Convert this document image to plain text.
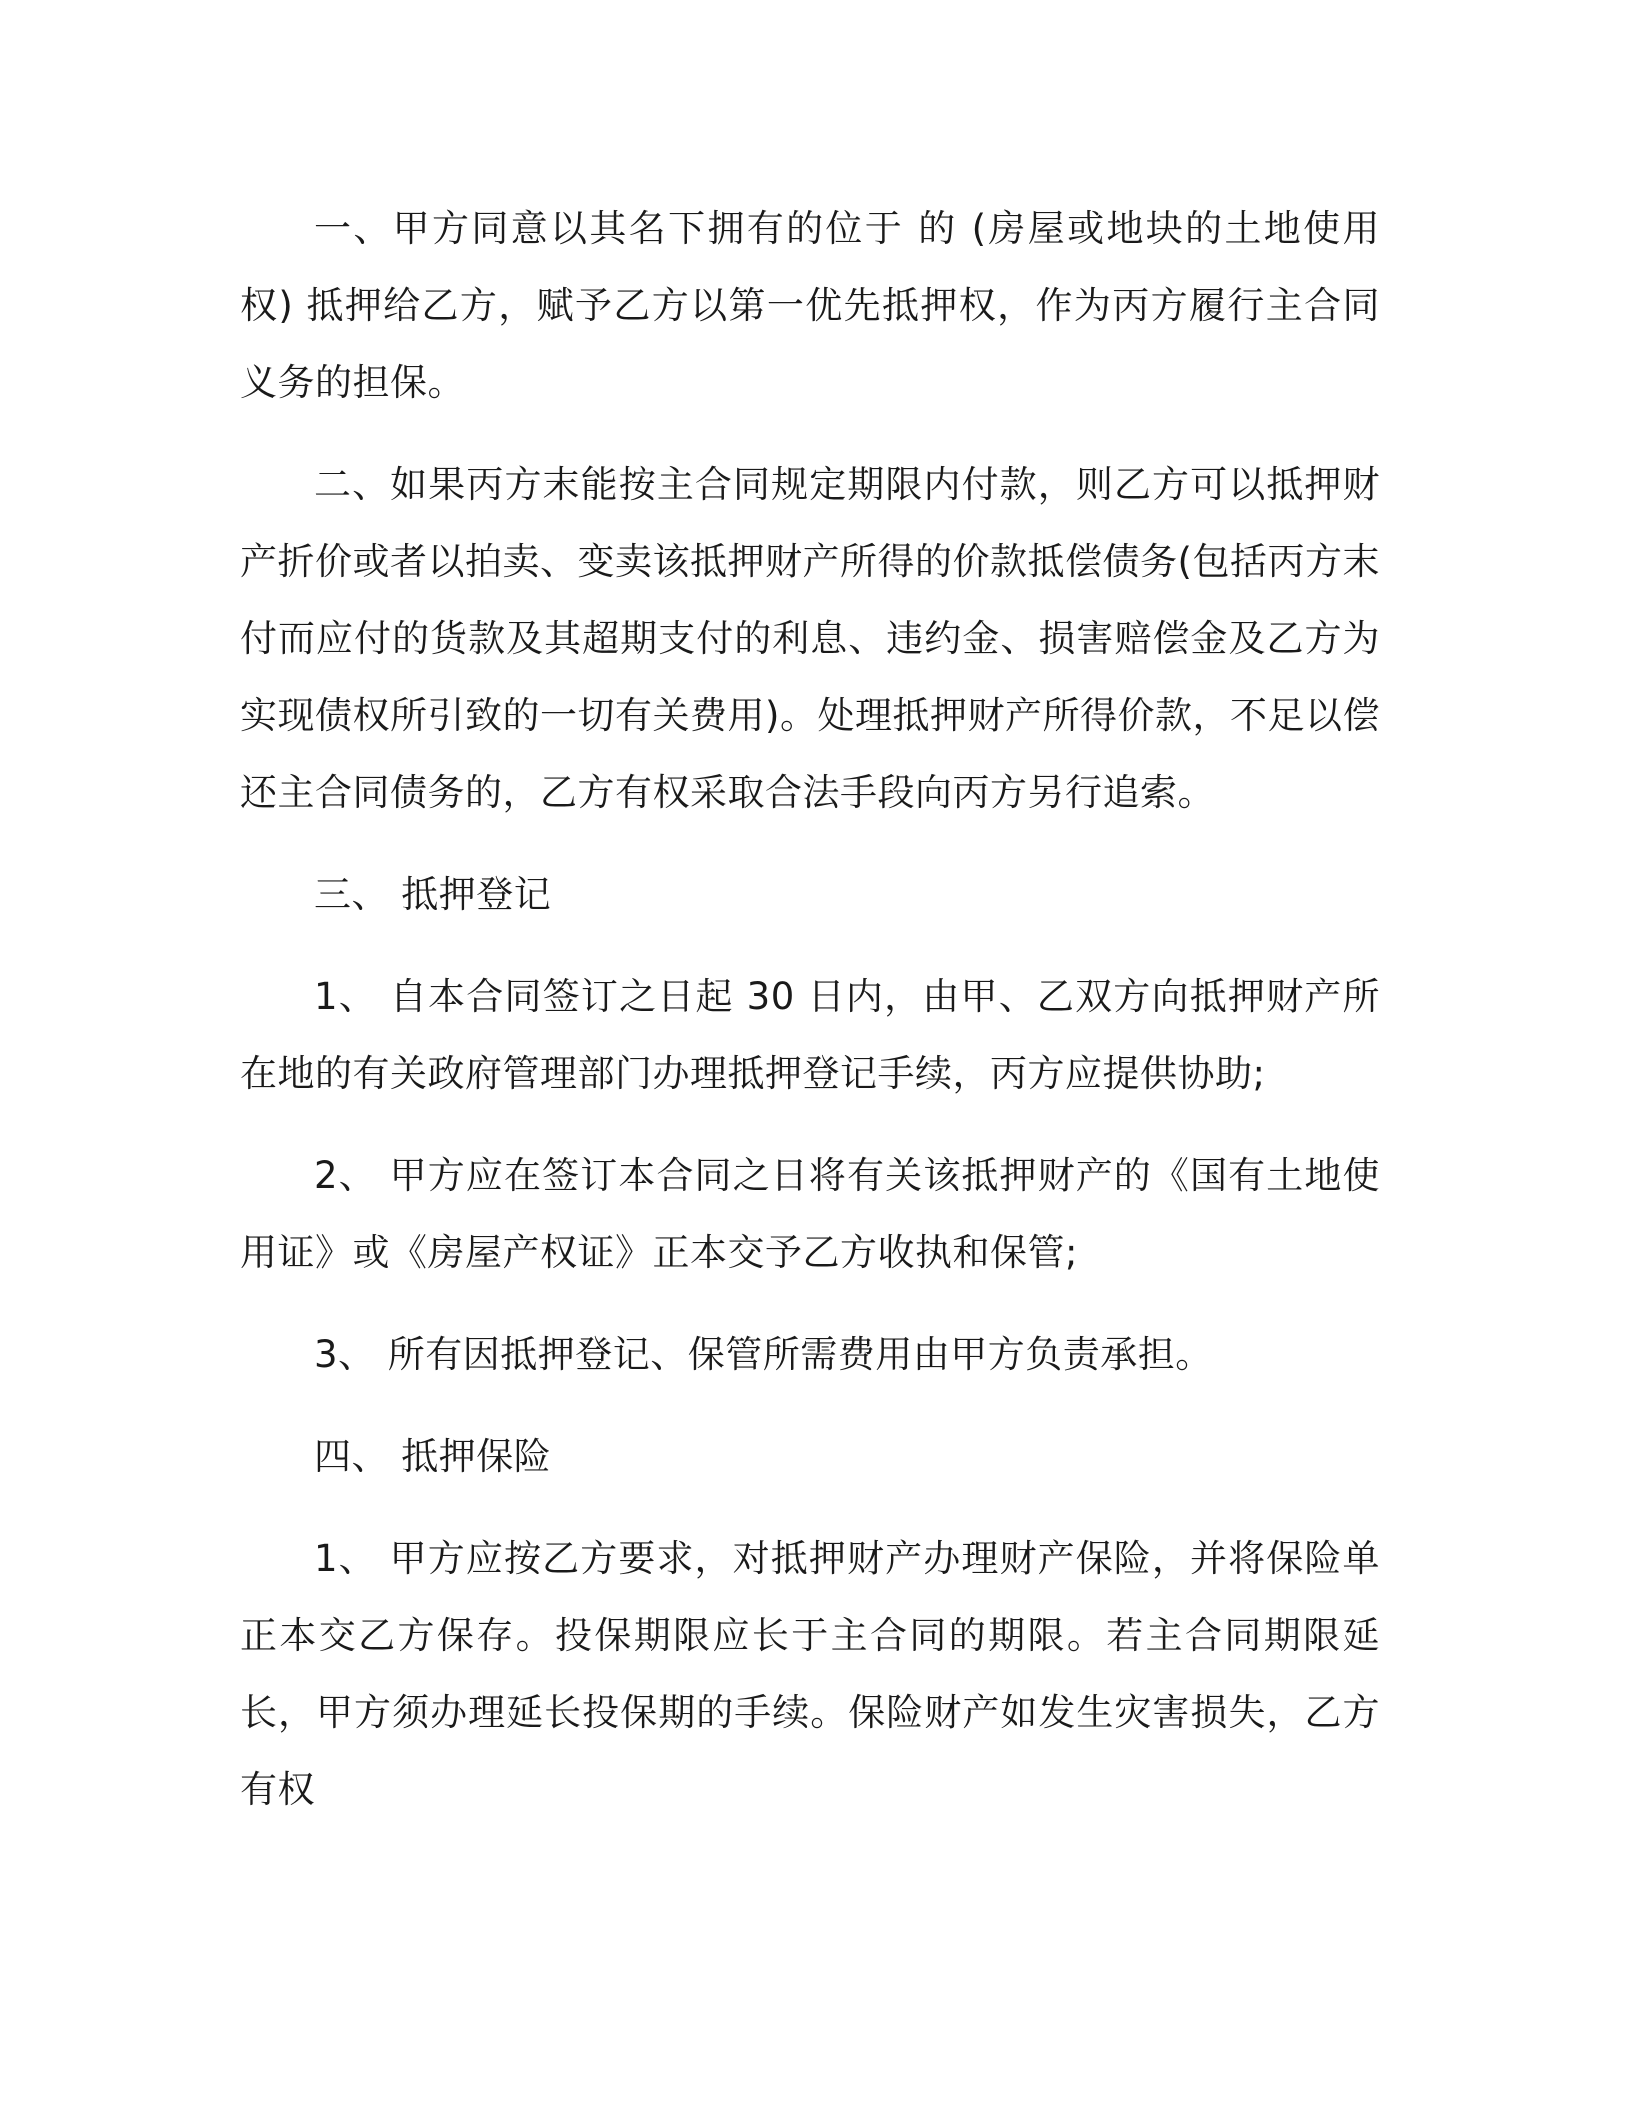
一、甲方同意以其名下拥有的位于 的 (房屋或地块的土地使用权) 抵押给乙方，赋予乙方以第一优先抵押权，作为丙方履行主合同义务的担保。

二、如果丙方末能按主合同规定期限内付款，则乙方可以抵押财产折价或者以拍卖、变卖该抵押财产所得的价款抵偿债务(包括丙方末付而应付的货款及其超期支付的利息、违约金、损害赔偿金及乙方为实现债权所引致的一切有关费用)。处理抵押财产所得价款，不足以偿还主合同债务的，乙方有权采取合法手段向丙方另行追索。

三、 抵押登记

1、 自本合同签订之日起 30 日内，由甲、乙双方向抵押财产所在地的有关政府管理部门办理抵押登记手续，丙方应提供协助;

2、 甲方应在签订本合同之日将有关该抵押财产的《国有土地使用证》或《房屋产权证》正本交予乙方收执和保管;

3、 所有因抵押登记、保管所需费用由甲方负责承担。

四、 抵押保险

1、 甲方应按乙方要求，对抵押财产办理财产保险，并将保险单正本交乙方保存。投保期限应长于主合同的期限。若主合同期限延长，甲方须办理延长投保期的手续。保险财产如发生灾害损失，乙方有权
